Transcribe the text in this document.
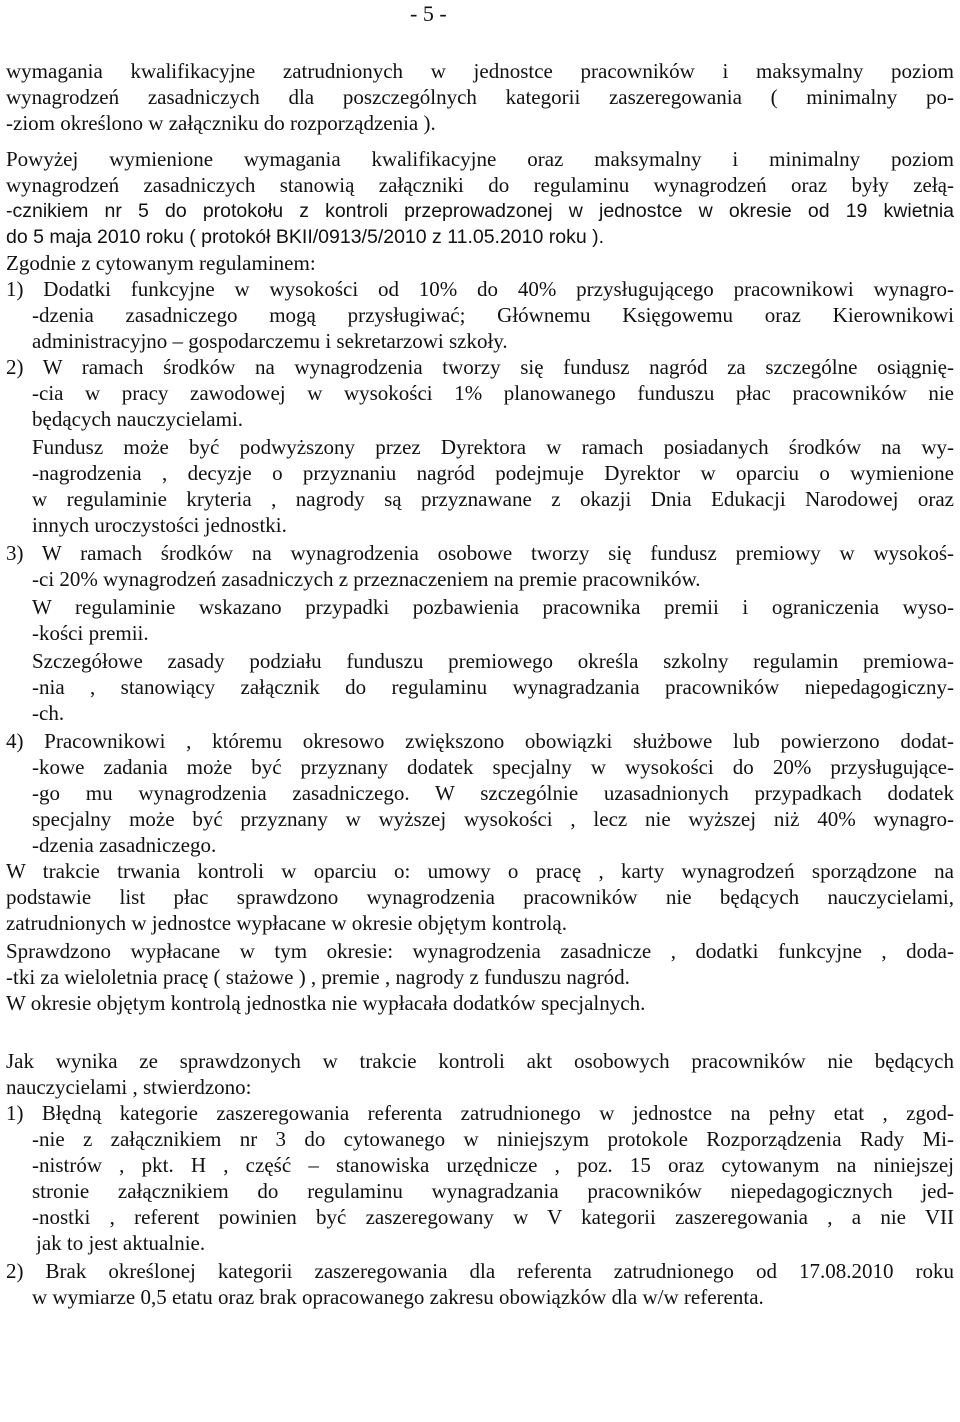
- 5 -
wymagania kwalifikacyjne zatrudnionych w jednostce pracowników i maksymalny poziom
wynagrodzeń zasadniczych dla poszczególnych kategorii zaszeregowania ( minimalny po-
-ziom określono w załączniku do rozporządzenia ).
Powyżej wymienione wymagania kwalifikacyjne oraz maksymalny i minimalny poziom
wynagrodzeń zasadniczych stanowią załączniki do regulaminu wynagrodzeń oraz były zełą-
-cznikiem nr 5 do protokołu z kontroli przeprowadzonej w jednostce w okresie od 19 kwietnia
do 5 maja 2010 roku ( protokół BKII/0913/5/2010 z 11.05.2010 roku ).
Zgodnie z cytowanym regulaminem:
1) Dodatki funkcyjne w wysokości od 10% do 40% przysługującego pracownikowi wynagro-
-dzenia zasadniczego mogą przysługiwać; Głównemu Księgowemu oraz Kierownikowi
administracyjno – gospodarczemu i sekretarzowi szkoły.
2) W ramach środków na wynagrodzenia tworzy się fundusz nagród za szczególne osiągnię-
-cia w pracy zawodowej w wysokości 1% planowanego funduszu płac pracowników nie
będących nauczycielami.
Fundusz może być podwyższony przez Dyrektora w ramach posiadanych środków na wy-
-nagrodzenia , decyzje o przyznaniu nagród podejmuje Dyrektor w oparciu o wymienione
w regulaminie kryteria , nagrody są przyznawane z okazji Dnia Edukacji Narodowej oraz
innych uroczystości jednostki.
3) W ramach środków na wynagrodzenia osobowe tworzy się fundusz premiowy w wysokoś-
-ci 20% wynagrodzeń zasadniczych z przeznaczeniem na premie pracowników.
W regulaminie wskazano przypadki pozbawienia pracownika premii i ograniczenia wyso-
-kości premii.
Szczegółowe zasady podziału funduszu premiowego określa szkolny regulamin premiowa-
-nia , stanowiący załącznik do regulaminu wynagradzania pracowników niepedagogiczny-
-ch.
4) Pracownikowi , któremu okresowo zwiększono obowiązki służbowe lub powierzono dodat-
-kowe zadania może być przyznany dodatek specjalny w wysokości do 20% przysługujące-
-go mu wynagrodzenia zasadniczego. W szczególnie uzasadnionych przypadkach dodatek
specjalny może być przyznany w wyższej wysokości , lecz nie wyższej niż 40% wynagro-
-dzenia zasadniczego.
W trakcie trwania kontroli w oparciu o: umowy o pracę , karty wynagrodzeń sporządzone na
podstawie list płac sprawdzono wynagrodzenia pracowników nie będących nauczycielami,
zatrudnionych w jednostce wypłacane w okresie objętym kontrolą.
Sprawdzono wypłacane w tym okresie: wynagrodzenia zasadnicze , dodatki funkcyjne , doda-
-tki za wieloletnia pracę ( stażowe ) , premie , nagrody z funduszu nagród.
W okresie objętym kontrolą jednostka nie wypłacała dodatków specjalnych.
Jak wynika ze sprawdzonych w trakcie kontroli akt osobowych pracowników nie będących
nauczycielami , stwierdzono:
1) Błędną kategorie zaszeregowania referenta zatrudnionego w jednostce na pełny etat , zgod-
-nie z załącznikiem nr 3 do cytowanego w niniejszym protokole Rozporządzenia Rady Mi-
-nistrów , pkt. H , część – stanowiska urzędnicze , poz. 15 oraz cytowanym na niniejszej
stronie załącznikiem do regulaminu wynagradzania pracowników niepedagogicznych jed-
-nostki , referent powinien być zaszeregowany w V kategorii zaszeregowania , a nie VII
jak to jest aktualnie.
2) Brak określonej kategorii zaszeregowania dla referenta zatrudnionego od 17.08.2010 roku
w wymiarze 0,5 etatu oraz brak opracowanego zakresu obowiązków dla w/w referenta.
